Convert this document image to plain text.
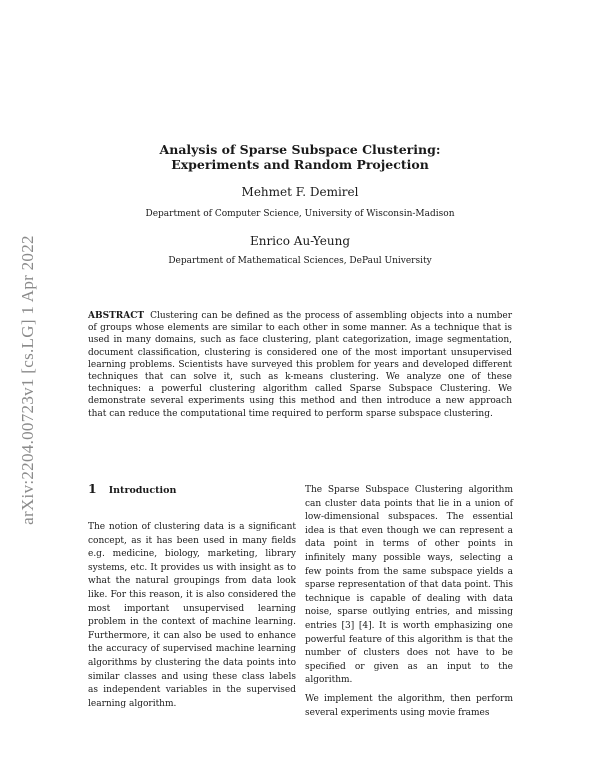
arXiv:2204.00723v1 [cs.LG] 1 Apr 2022
Analysis of Sparse Subspace Clustering:
Experiments and Random Projection
Mehmet F. Demirel
Department of Computer Science, University of Wisconsin-Madison
Enrico Au-Yeung
Department of Mathematical Sciences, DePaul University

ABSTRACT Clustering can be defined as the process of assembling objects into a number of groups whose elements are similar to each other in some manner. As a technique that is used in many domains, such as face clustering, plant categorization, image segmentation, document classification, clustering is considered one of the most important unsupervised learning problems. Scientists have surveyed this problem for years and developed different techniques that can solve it, such as k-means clustering. We analyze one of these techniques: a powerful clustering algorithm called Sparse Subspace Clustering. We demonstrate several experiments using this method and then introduce a new approach that can reduce the computational time required to perform sparse subspace clustering.

1 Introduction

The notion of clustering data is a significant concept, as it has been used in many fields e.g. medicine, biology, marketing, library systems, etc. It provides us with insight as to what the natural groupings from data look like. For this reason, it is also considered the most important unsupervised learning problem in the context of machine learning. Furthermore, it can also be used to enhance the accuracy of supervised machine learning algorithms by clustering the data points into similar classes and using these class labels as independent variables in the supervised learning algorithm.

The Sparse Subspace Clustering algorithm can cluster data points that lie in a union of low-dimensional subspaces. The essential idea is that even though we can represent a data point in terms of other points in infinitely many possible ways, selecting a few points from the same subspace yields a sparse representation of that data point. This technique is capable of dealing with data noise, sparse outlying entries, and missing entries [3] [4]. It is worth emphasizing one powerful feature of this algorithm is that the number of clusters does not have to be specified or given as an input to the algorithm.

We implement the algorithm, then perform several experiments using movie frames
